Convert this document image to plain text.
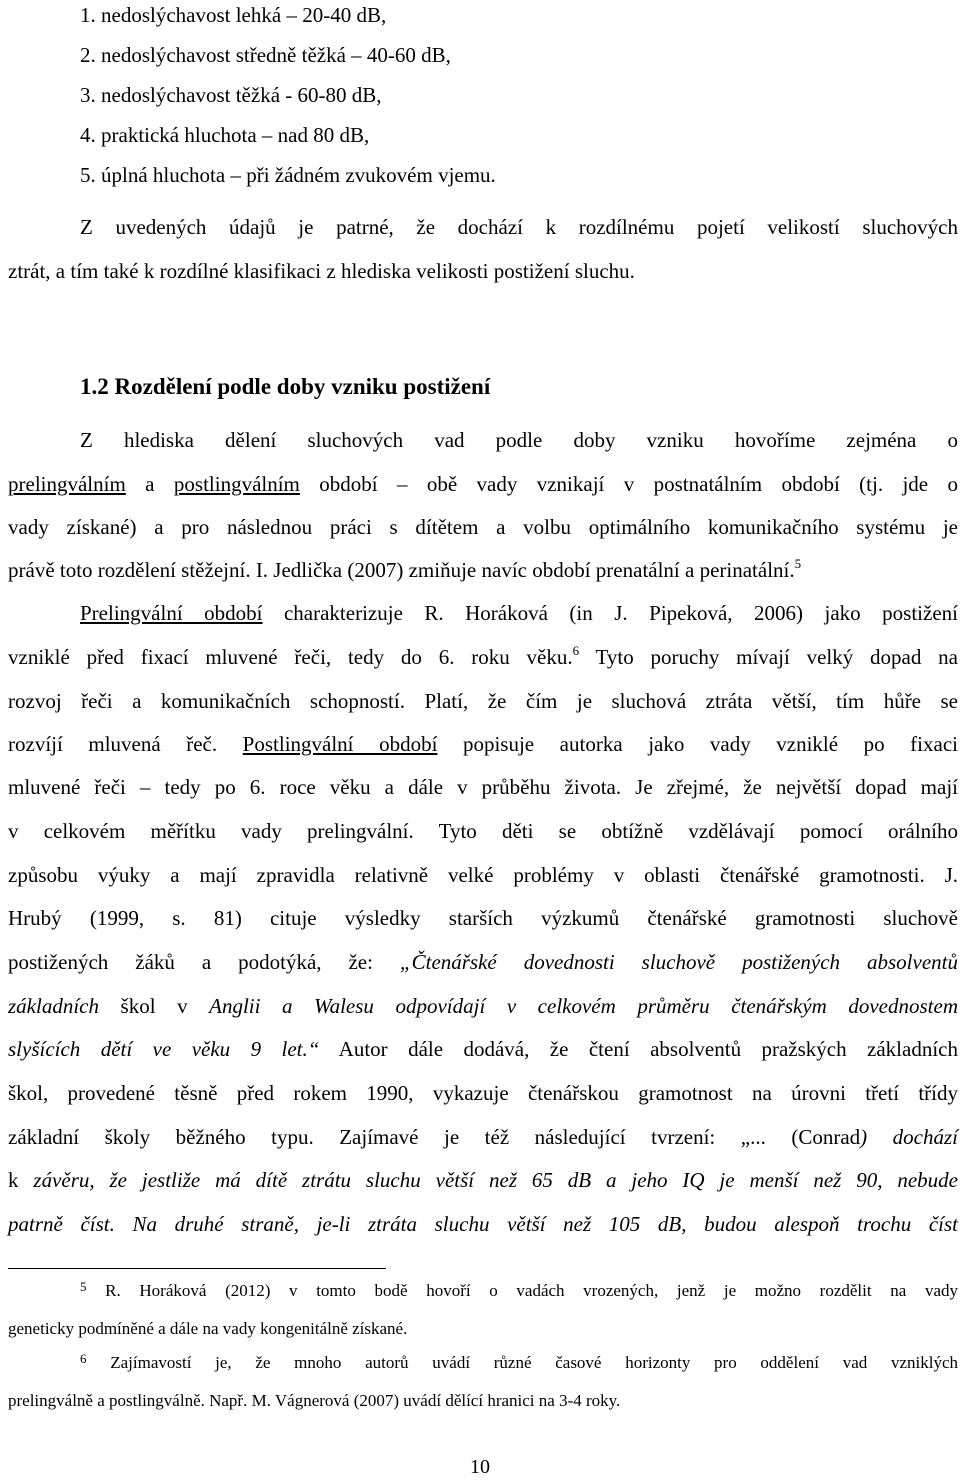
1. nedoslýchavost lehká – 20-40 dB,
2. nedoslýchavost středně těžká – 40-60 dB,
3. nedoslýchavost těžká - 60-80 dB,
4. praktická hluchota – nad 80 dB,
5. úplná hluchota – při žádném zvukovém vjemu.
Z uvedených údajů je patrné, že dochází k rozdílnému pojetí velikostí sluchových
ztrát, a tím také k rozdílné klasifikaci z hlediska velikosti postižení sluchu.
1.2 Rozdělení podle doby vzniku postižení
Z hlediska dělení sluchových vad podle doby vzniku hovoříme zejména o
prelingválním a postlingválním období – obě vady vznikají v postnatálním období (tj. jde o
vady získané) a pro následnou práci s dítětem a volbu optimálního komunikačního systému je
právě toto rozdělení stěžejní. I. Jedlička (2007) zmiňuje navíc období prenatální a perinatální.$^5$
Prelingvální období charakterizuje R. Horáková (in J. Pipeková, 2006) jako postižení
vzniklé před fixací mluvené řeči, tedy do 6. roku věku.$^6$ Tyto poruchy mívají velký dopad na
rozvoj řeči a komunikačních schopností. Platí, že čím je sluchová ztráta větší, tím hůře se
rozvíjí mluvená řeč. Postlingvální období popisuje autorka jako vady vzniklé po fixaci
mluvené řeči – tedy po 6. roce věku a dále v průběhu života. Je zřejmé, že největší dopad mají
v celkovém měřítku vady prelingvální. Tyto děti se obtížně vzdělávají pomocí orálního
způsobu výuky a mají zpravidla relativně velké problémy v oblasti čtenářské gramotnosti. J.
Hrubý (1999, s. 81) cituje výsledky starších výzkumů čtenářské gramotnosti sluchově
postižených žáků a podotýká, že: „Čtenářské dovednosti sluchově postižených absolventů
základních škol v Anglii a Walesu odpovídají v celkovém průměru čtenářským dovednostem
slyšících dětí ve věku 9 let.“ Autor dále dodává, že čtení absolventů pražských základních
škol, provedené těsně před rokem 1990, vykazuje čtenářskou gramotnost na úrovni třetí třídy
základní školy běžného typu. Zajímavé je též následující tvrzení: „... (Conrad) dochází
k závěru, že jestliže má dítě ztrátu sluchu větší než 65 dB a jeho IQ je menší než 90, nebude
patrně číst. Na druhé straně, je-li ztráta sluchu větší než 105 dB, budou alespoň trochu číst
$^5$ R. Horáková (2012) v tomto bodě hovoří o vadách vrozených, jenž je možno rozdělit na vady
geneticky podmíněné a dále na vady kongenitálně získané.
$^6$ Zajímavostí je, že mnoho autorů uvádí různé časové horizonty pro oddělení vad vzniklých
prelingválně a postlingválně. Např. M. Vágnerová (2007) uvádí dělící hranici na 3-4 roky.
10
